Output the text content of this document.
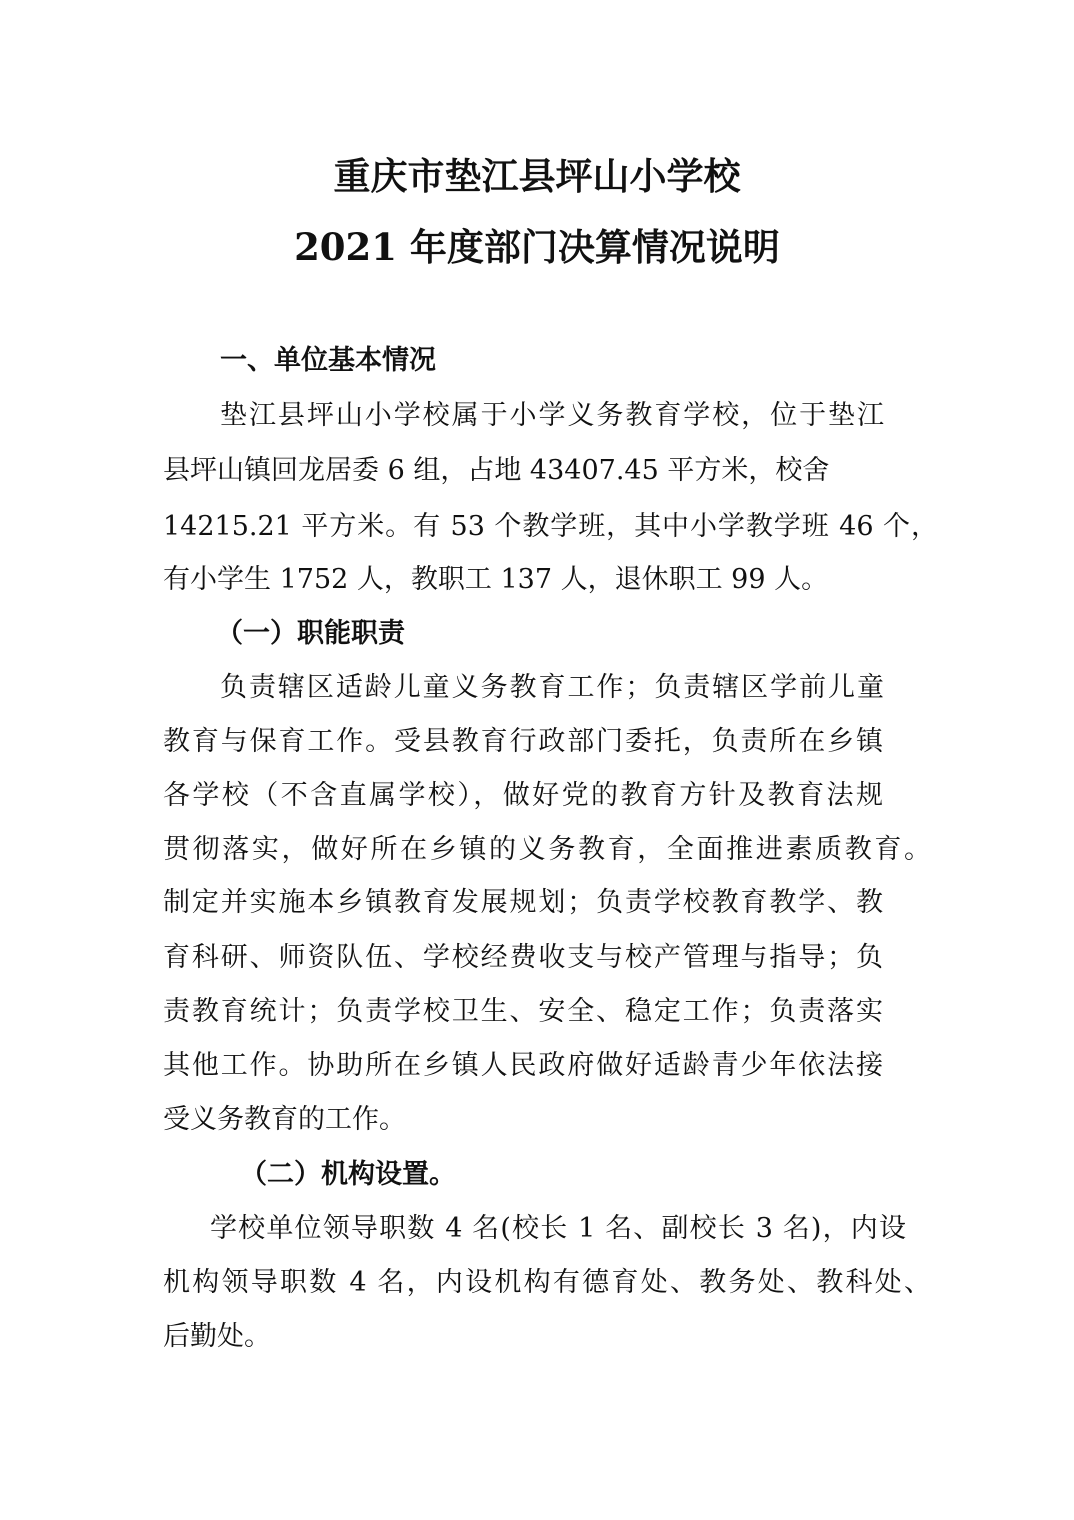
重庆市垫江县坪山小学校
2021 年度部门决算情况说明
一、单位基本情况
垫江县坪山小学校属于小学义务教育学校，位于垫江
县坪山镇回龙居委 6 组，占地 43407.45 平方米，校舍
14215.21 平方米。有 53 个教学班，其中小学教学班 46 个，
有小学生 1752 人，教职工 137 人，退休职工 99 人。
（一）职能职责
负责辖区适龄儿童义务教育工作；负责辖区学前儿童
教育与保育工作。受县教育行政部门委托，负责所在乡镇
各学校（不含直属学校），做好党的教育方针及教育法规
贯彻落实，做好所在乡镇的义务教育，全面推进素质教育。
制定并实施本乡镇教育发展规划；负责学校教育教学、教
育科研、师资队伍、学校经费收支与校产管理与指导；负
责教育统计；负责学校卫生、安全、稳定工作；负责落实
其他工作。协助所在乡镇人民政府做好适龄青少年依法接
受义务教育的工作。
（二）机构设置。
学校单位领导职数 4 名(校长 1 名、副校长 3 名)，内设
机构领导职数 4 名，内设机构有德育处、教务处、教科处、
后勤处。
